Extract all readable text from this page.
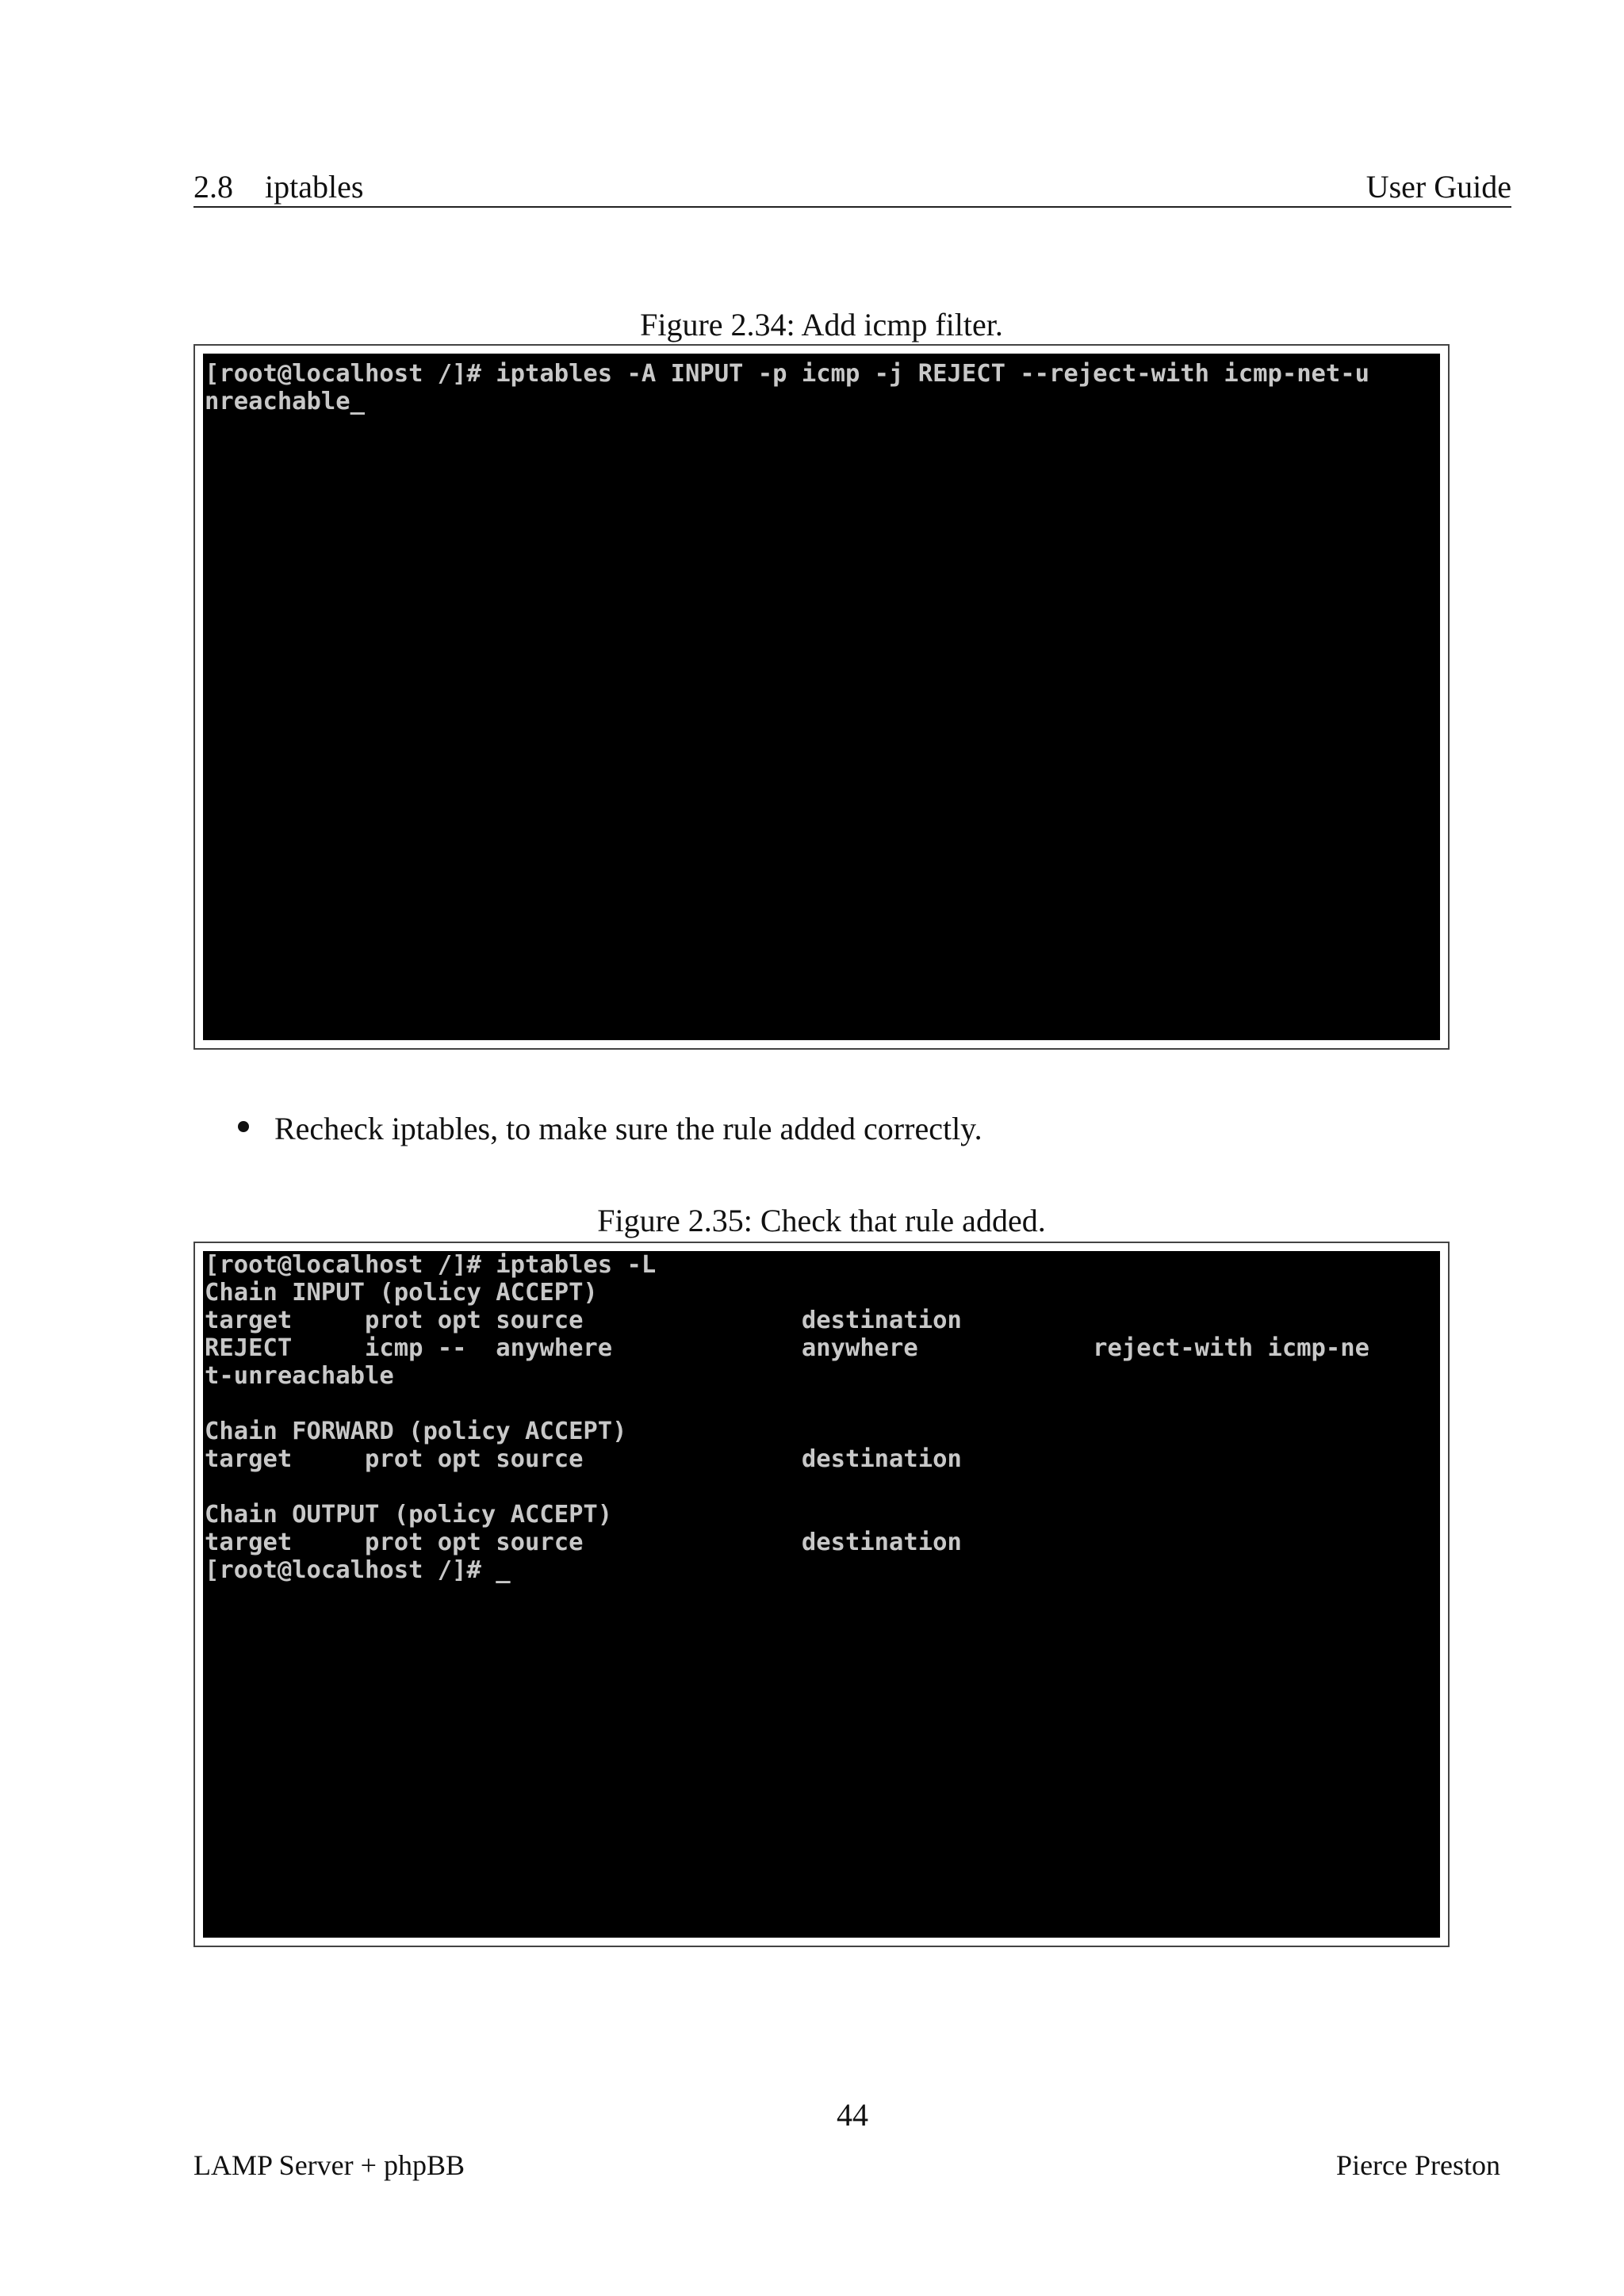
2.8 iptables	User Guide
Figure 2.34: Add icmp filter.
[root@localhost /]# iptables -A INPUT -p icmp -j REJECT --reject-with icmp-net-u
nreachable_
Recheck iptables, to make sure the rule added correctly.
Figure 2.35: Check that rule added.
[root@localhost /]# iptables -L
Chain INPUT (policy ACCEPT)
target     prot opt source               destination
REJECT     icmp --  anywhere             anywhere            reject-with icmp-ne
t-unreachable
Chain FORWARD (policy ACCEPT)
target     prot opt source               destination
Chain OUTPUT (policy ACCEPT)
target     prot opt source               destination
[root@localhost /]# _
44
LAMP Server + phpBB	Pierce Preston
